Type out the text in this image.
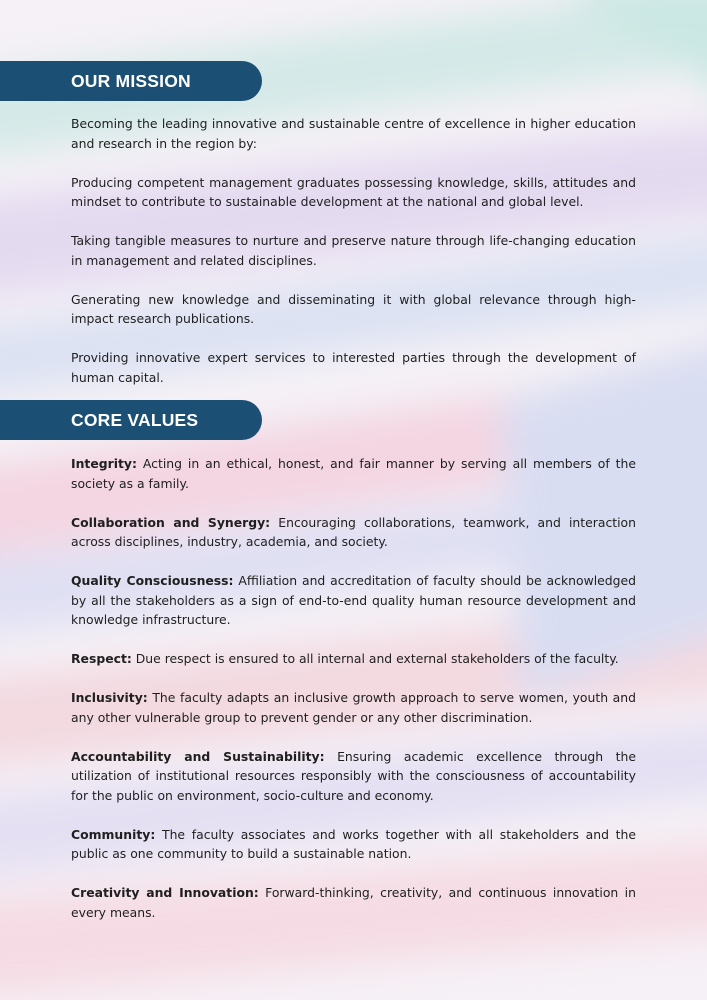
OUR MISSION

Becoming the leading innovative and sustainable centre of excellence in higher education and research in the region by:

Producing competent management graduates possessing knowledge, skills, attitudes and mindset to contribute to sustainable development at the national and global level.

Taking tangible measures to nurture and preserve nature through life-changing education in management and related disciplines.

Generating new knowledge and disseminating it with global relevance through high-impact research publications.

Providing innovative expert services to interested parties through the development of human capital.

CORE VALUES

Integrity: Acting in an ethical, honest, and fair manner by serving all members of the society as a family.

Collaboration and Synergy: Encouraging collaborations, teamwork, and interaction across disciplines, industry, academia, and society.

Quality Consciousness: Affiliation and accreditation of faculty should be acknowledged by all the stakeholders as a sign of end-to-end quality human resource development and knowledge infrastructure.

Respect: Due respect is ensured to all internal and external stakeholders of the faculty.

Inclusivity: The faculty adapts an inclusive growth approach to serve women, youth and any other vulnerable group to prevent gender or any other discrimination.

Accountability and Sustainability: Ensuring academic excellence through the utilization of institutional resources responsibly with the consciousness of accountability for the public on environment, socio-culture and economy.

Community: The faculty associates and works together with all stakeholders and the public as one community to build a sustainable nation.

Creativity and Innovation: Forward-thinking, creativity, and continuous innovation in every means.
